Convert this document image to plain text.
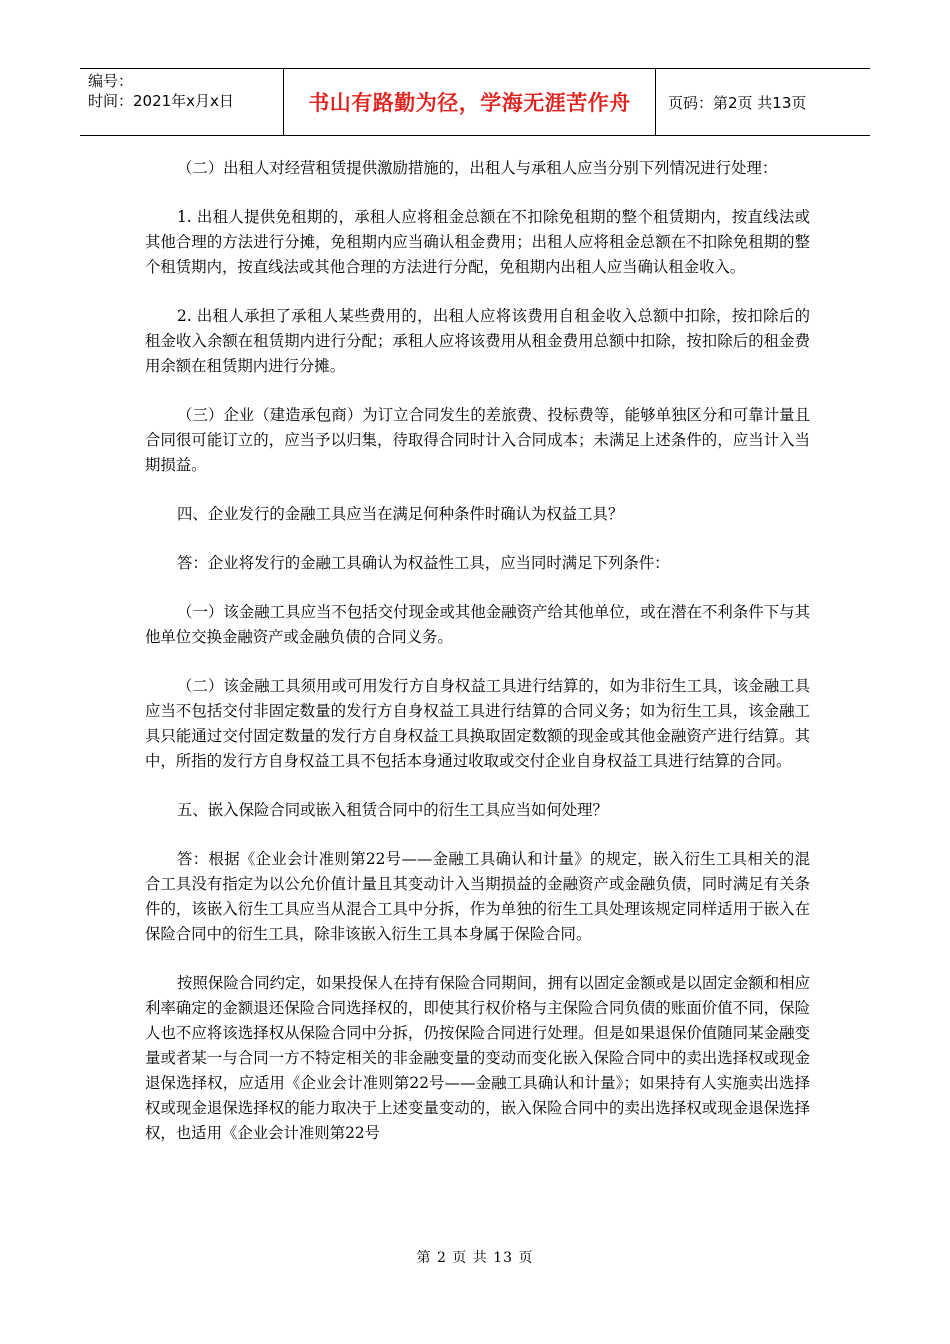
编号：
时间：2021年x月x日	书山有路勤为径，学海无涯苦作舟	页码：第2页 共13页

（二）出租人对经营租赁提供激励措施的，出租人与承租人应当分别下列情况进行处理：

1. 出租人提供免租期的，承租人应将租金总额在不扣除免租期的整个租赁期内，按直线法或其他合理的方法进行分摊，免租期内应当确认租金费用；出租人应将租金总额在不扣除免租期的整个租赁期内，按直线法或其他合理的方法进行分配，免租期内出租人应当确认租金收入。

2. 出租人承担了承租人某些费用的，出租人应将该费用自租金收入总额中扣除，按扣除后的租金收入余额在租赁期内进行分配；承租人应将该费用从租金费用总额中扣除，按扣除后的租金费用余额在租赁期内进行分摊。

（三）企业（建造承包商）为订立合同发生的差旅费、投标费等，能够单独区分和可靠计量且合同很可能订立的，应当予以归集，待取得合同时计入合同成本；未满足上述条件的，应当计入当期损益。

四、企业发行的金融工具应当在满足何种条件时确认为权益工具？

答：企业将发行的金融工具确认为权益性工具，应当同时满足下列条件：

（一）该金融工具应当不包括交付现金或其他金融资产给其他单位，或在潜在不利条件下与其他单位交换金融资产或金融负债的合同义务。

（二）该金融工具须用或可用发行方自身权益工具进行结算的，如为非衍生工具，该金融工具应当不包括交付非固定数量的发行方自身权益工具进行结算的合同义务；如为衍生工具，该金融工具只能通过交付固定数量的发行方自身权益工具换取固定数额的现金或其他金融资产进行结算。其中，所指的发行方自身权益工具不包括本身通过收取或交付企业自身权益工具进行结算的合同。

五、嵌入保险合同或嵌入租赁合同中的衍生工具应当如何处理？

答：根据《企业会计准则第22号——金融工具确认和计量》的规定，嵌入衍生工具相关的混合工具没有指定为以公允价值计量且其变动计入当期损益的金融资产或金融负债，同时满足有关条件的，该嵌入衍生工具应当从混合工具中分拆，作为单独的衍生工具处理该规定同样适用于嵌入在保险合同中的衍生工具，除非该嵌入衍生工具本身属于保险合同。

按照保险合同约定，如果投保人在持有保险合同期间，拥有以固定金额或是以固定金额和相应利率确定的金额退还保险合同选择权的，即使其行权价格与主保险合同负债的账面价值不同，保险人也不应将该选择权从保险合同中分拆，仍按保险合同进行处理。但是如果退保价值随同某金融变量或者某一与合同一方不特定相关的非金融变量的变动而变化嵌入保险合同中的卖出选择权或现金退保选择权，应适用《企业会计准则第22号——金融工具确认和计量》；如果持有人实施卖出选择权或现金退保选择权的能力取决于上述变量变动的，嵌入保险合同中的卖出选择权或现金退保选择权，也适用《企业会计准则第22号

第 2 页 共 13 页
